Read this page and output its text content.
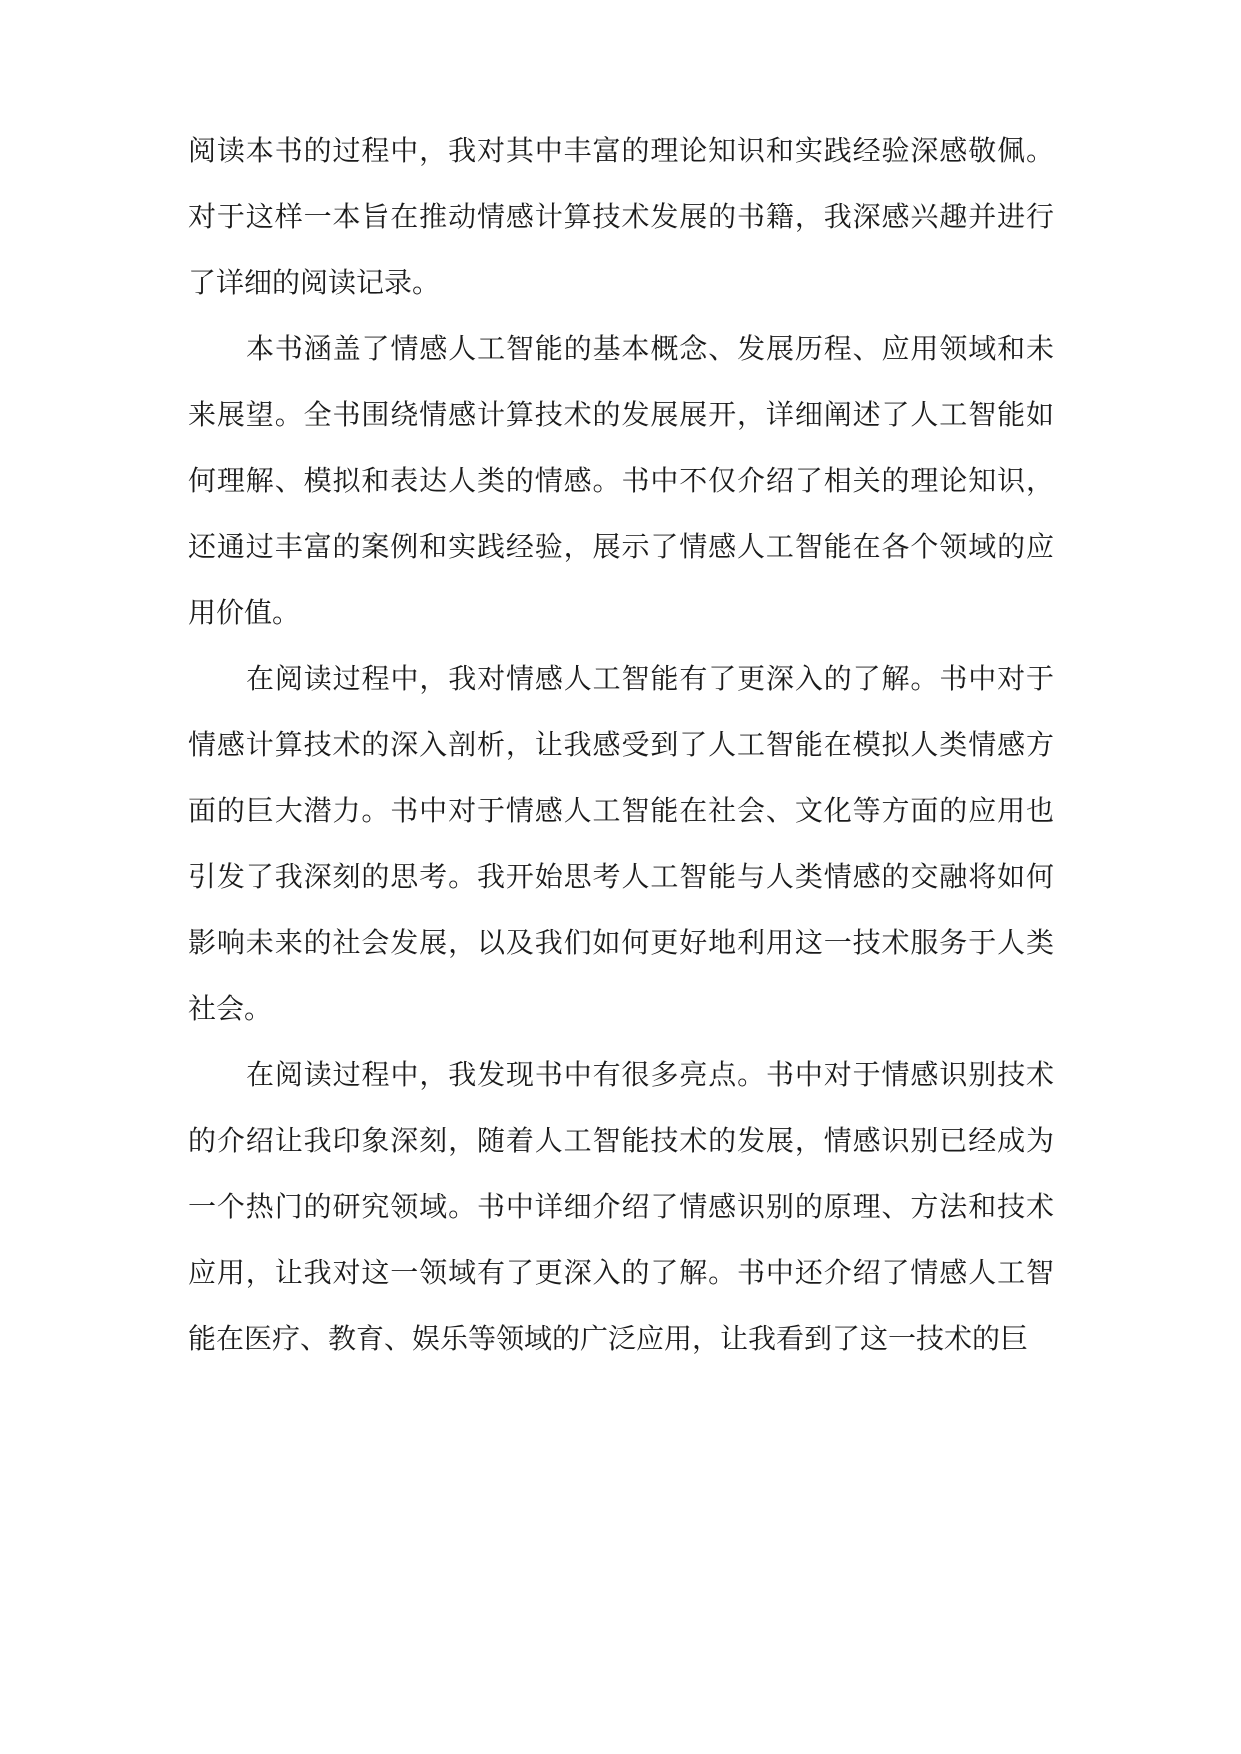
阅读本书的过程中，我对其中丰富的理论知识和实践经验深感敬佩。对于这样一本旨在推动情感计算技术发展的书籍，我深感兴趣并进行了详细的阅读记录。

本书涵盖了情感人工智能的基本概念、发展历程、应用领域和未来展望。全书围绕情感计算技术的发展展开，详细阐述了人工智能如何理解、模拟和表达人类的情感。书中不仅介绍了相关的理论知识，还通过丰富的案例和实践经验，展示了情感人工智能在各个领域的应用价值。

在阅读过程中，我对情感人工智能有了更深入的了解。书中对于情感计算技术的深入剖析，让我感受到了人工智能在模拟人类情感方面的巨大潜力。书中对于情感人工智能在社会、文化等方面的应用也引发了我深刻的思考。我开始思考人工智能与人类情感的交融将如何影响未来的社会发展，以及我们如何更好地利用这一技术服务于人类社会。

在阅读过程中，我发现书中有很多亮点。书中对于情感识别技术的介绍让我印象深刻，随着人工智能技术的发展，情感识别已经成为一个热门的研究领域。书中详细介绍了情感识别的原理、方法和技术应用，让我对这一领域有了更深入的了解。书中还介绍了情感人工智能在医疗、教育、娱乐等领域的广泛应用，让我看到了这一技术的巨
